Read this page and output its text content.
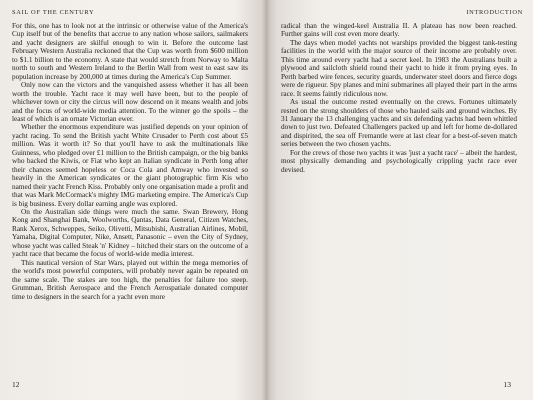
SAIL OF THE CENTURY

For this, one has to look not at the intrinsic or otherwise value of the America's Cup itself but of the benefits that accrue to any nation whose sailors, sailmakers and yacht designers are skilful enough to win it. Before the outcome last February Western Australia reckoned that the Cup was worth from $600 million to $1.1 billion to the economy. A state that would stretch from Norway to Malta north to south and Western Ireland to the Berlin Wall from west to east saw its population increase by 200,000 at times during the America's Cup Summer.

Only now can the victors and the vanquished assess whether it has all been worth the trouble. Yacht race it may well have been, but to the people of whichever town or city the circus will now descend on it means wealth and jobs and the focus of world-wide media attention. To the winner go the spoils – the least of which is an ornate Victorian ewer.

Whether the enormous expenditure was justified depends on your opinion of yacht racing. To send the British yacht White Crusader to Perth cost about £5 million. Was it worth it? So that you'll have to ask the multinationals like Guinness, who pledged over £1 million to the British campaign, or the big banks who backed the Kiwis, or Fiat who kept an Italian syndicate in Perth long after their chances seemed hopeless or Coca Cola and Amway who invested so heavily in the American syndicates or the giant photographic firm Kis who named their yacht French Kiss. Probably only one organisation made a profit and that was Mark McCormack's mighty IMG marketing empire. The America's Cup is big business. Every dollar earning angle was explored.

On the Australian side things were much the same. Swan Brewery, Hong Kong and Shanghai Bank, Woolworths, Qantas, Data General, Citizen Watches, Rank Xerox, Schweppes, Seiko, Olivetti, Mitsubishi, Australian Airlines, Mobil, Yamaha, Digital Computer, Nike, Ansett, Panasonic – even the City of Sydney, whose yacht was called Steak 'n' Kidney – hitched their stars on the outcome of a yacht race that became the focus of world-wide media interest.

This nautical version of Star Wars, played out within the mega memories of the world's most powerful computers, will probably never again be repeated on the same scale. The stakes are too high, the penalties for failure too steep. Grumman, British Aerospace and the French Aerospatiale donated computer time to designers in the search for a yacht even more

12
INTRODUCTION

radical than the winged-keel Australia II. A plateau has now been reached. Further gains will cost even more dearly.

The days when model yachts not warships provided the biggest tank-testing facilities in the world with the major source of their income are probably over. This time around every yacht had a secret keel. In 1983 the Australians built a plywood and sailcloth shield round their yacht to hide it from prying eyes. In Perth barbed wire fences, security guards, underwater steel doors and fierce dogs were de rigueur. Spy planes and mini submarines all played their part in the arms race. It seems faintly ridiculous now.

As usual the outcome rested eventually on the crews. Fortunes ultimately rested on the strong shoulders of those who hauled sails and ground winches. By 31 January the 13 challenging yachts and six defending yachts had been whittled down to just two. Defeated Challengers packed up and left for home de-dollared and dispirited, the sea off Fremantle were at last clear for a best-of-seven match series between the two chosen yachts.

For the crews of those two yachts it was 'just a yacht race' – albeit the hardest, most physically demanding and psychologically crippling yacht race ever devised.

13
